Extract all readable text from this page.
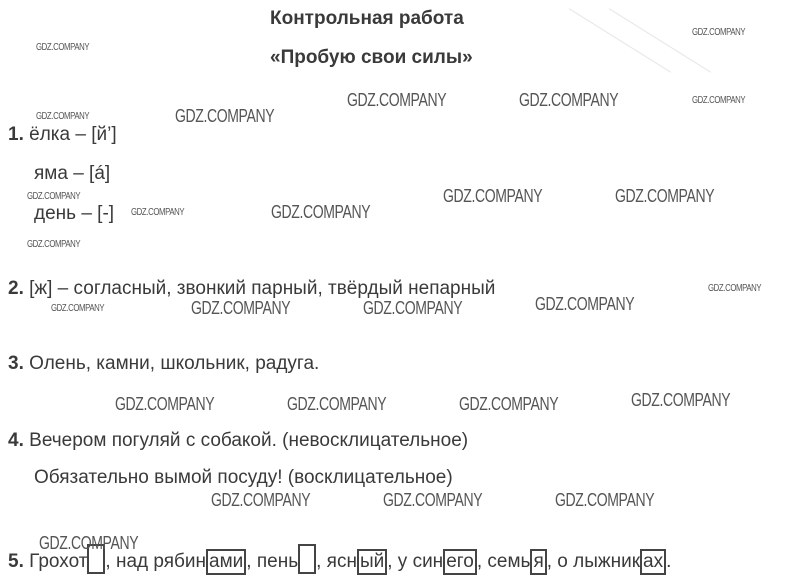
Контрольная работа
«Пробую свои силы»
1. ёлка – [й’]
яма – [á]
день – [-]
2. [ж] – согласный, звонкий парный, твёрдый непарный
3. Олень, камни, школьник, радуга.
4. Вечером погуляй с собакой. (невосклицательное)
Обязательно вымой посуду! (восклицательное)
5. Грохот , над рябин ами , пень , ясн ый , у син его , семь я , о лыжник ах .
GDZ.COMPANY
GDZ.COMPANY
GDZ.COMPANY
GDZ.COMPANY	GDZ.COMPANY
GDZ.COMPANY	GDZ.COMPANY
GDZ.COMPANY	GDZ.COMPANY
GDZ.COMPANY
GDZ.COMPANY	GDZ.COMPANY
GDZ.COMPANY
GDZ.COMPANY
GDZ.COMPANY
GDZ.COMPANY	GDZ.COMPANY	GDZ.COMPANY
GDZ.COMPANY
GDZ.COMPANY	GDZ.COMPANY	GDZ.COMPANY
GDZ.COMPANY	GDZ.COMPANY	GDZ.COMPANY
GDZ.COMPANY
